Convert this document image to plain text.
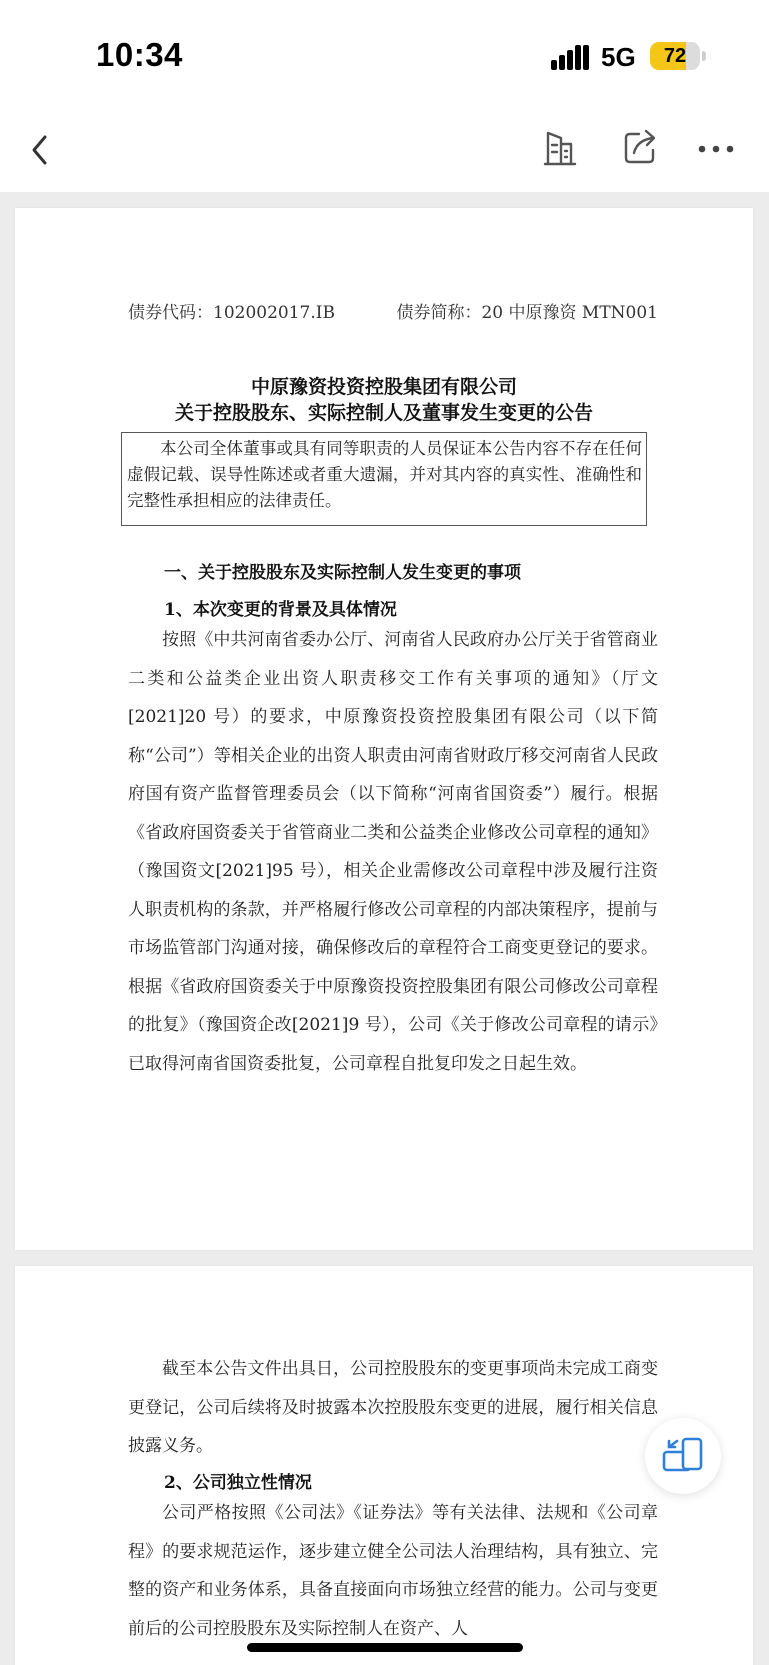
10:34	5G	72
债券代码：102002017.IB	债券简称：20 中原豫资 MTN001
中原豫资投资控股集团有限公司
关于控股股东、实际控制人及董事发生变更的公告
本公司全体董事或具有同等职责的人员保证本公告内容不存在任何虚假记载、误导性陈述或者重大遗漏，并对其内容的真实性、准确性和完整性承担相应的法律责任。
一、关于控股股东及实际控制人发生变更的事项
1、本次变更的背景及具体情况
按照《中共河南省委办公厅、河南省人民政府办公厅关于省管商业二类和公益类企业出资人职责移交工作有关事项的通知》（厅文[2021]20 号）的要求，中原豫资投资控股集团有限公司（以下简称“公司”）等相关企业的出资人职责由河南省财政厅移交河南省人民政府国有资产监督管理委员会（以下简称“河南省国资委”）履行。根据《省政府国资委关于省管商业二类和公益类企业修改公司章程的通知》（豫国资文[2021]95 号），相关企业需修改公司章程中涉及履行注资人职责机构的条款，并严格履行修改公司章程的内部决策程序，提前与市场监管部门沟通对接，确保修改后的章程符合工商变更登记的要求。根据《省政府国资委关于中原豫资投资控股集团有限公司修改公司章程的批复》（豫国资企改[2021]9 号），公司《关于修改公司章程的请示》已取得河南省国资委批复，公司章程自批复印发之日起生效。
截至本公告文件出具日，公司控股股东的变更事项尚未完成工商变更登记，公司后续将及时披露本次控股股东变更的进展，履行相关信息披露义务。
2、公司独立性情况
公司严格按照《公司法》《证券法》等有关法律、法规和《公司章程》的要求规范运作，逐步建立健全公司法人治理结构，具有独立、完整的资产和业务体系，具备直接面向市场独立经营的能力。公司与变更前后的公司控股股东及实际控制人在资产、人
